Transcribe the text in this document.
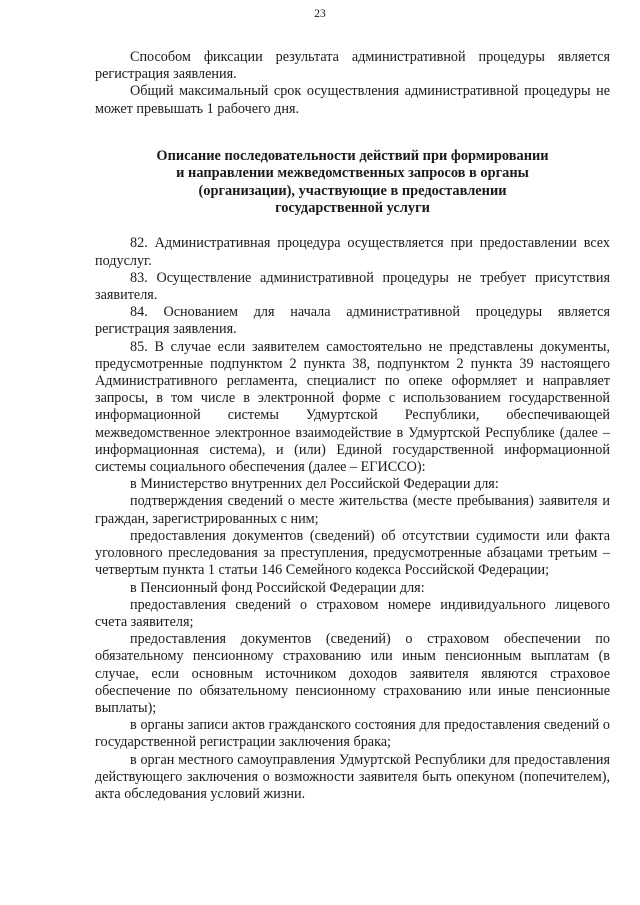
23

Способом фиксации результата административной процедуры является регистрация заявления.

Общий максимальный срок осуществления административной процедуры не может превышать 1 рабочего дня.

Описание последовательности действий при формировании
и направлении межведомственных запросов в органы
(организации), участвующие в предоставлении
государственной услуги

82. Административная процедура осуществляется при предоставлении всех подуслуг.

83. Осуществление административной процедуры не требует присутствия заявителя.

84. Основанием для начала административной процедуры является регистрация заявления.

85. В случае если заявителем самостоятельно не представлены документы, предусмотренные подпунктом 2 пункта 38, подпунктом 2 пункта 39 настоящего Административного регламента, специалист по опеке оформляет и направляет запросы, в том числе в электронной форме с использованием государственной информационной системы Удмуртской Республики, обеспечивающей межведомственное электронное взаимодействие в Удмуртской Республике (далее – информационная система), и (или) Единой государственной информационной системы социального обеспечения (далее – ЕГИССО):

в Министерство внутренних дел Российской Федерации для:

подтверждения сведений о месте жительства (месте пребывания) заявителя и граждан, зарегистрированных с ним;

предоставления документов (сведений) об отсутствии судимости или факта уголовного преследования за преступления, предусмотренные абзацами третьим – четвертым пункта 1 статьи 146 Семейного кодекса Российской Федерации;

в Пенсионный фонд Российской Федерации для:

предоставления сведений о страховом номере индивидуального лицевого счета заявителя;

предоставления документов (сведений) о страховом обеспечении по обязательному пенсионному страхованию или иным пенсионным выплатам (в случае, если основным источником доходов заявителя являются страховое обеспечение по обязательному пенсионному страхованию или иные пенсионные выплаты);

в органы записи актов гражданского состояния для предоставления сведений о государственной регистрации заключения брака;

в орган местного самоуправления Удмуртской Республики для предоставления действующего заключения о возможности заявителя быть опекуном (попечителем), акта обследования условий жизни.
